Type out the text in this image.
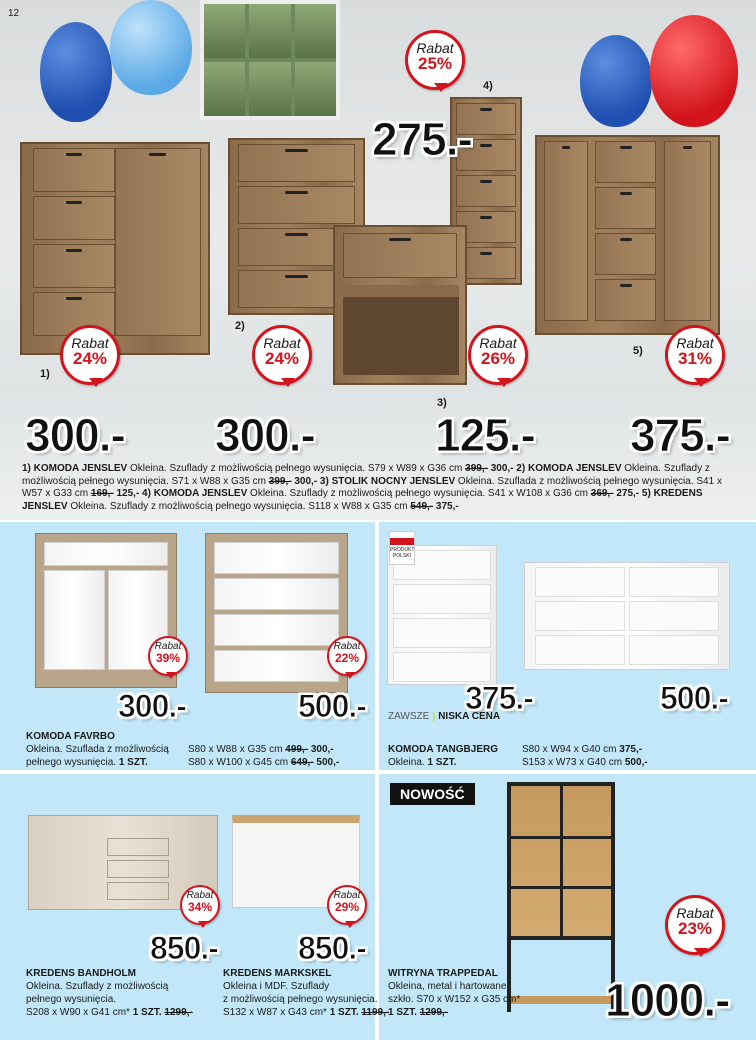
12
Rabat
25%
275.-
4)
1)
2)
3)
5)
Rabat
24%
Rabat
24%
Rabat
26%
Rabat
31%
300.- 300.-	125.- 375.-
1) KOMODA JENSLEV Okleina. Szuflady z możliwością pełnego wysunięcia. S79 x W89 x G36 cm 399,- 300,- 2) KOMODA JENSLEV Okleina. Szuflady z możliwością pełnego wysunięcia. S71 x W88 x G35 cm 399,- 300,- 3) STOLIK NOCNY JENSLEV Okleina. Szuflada z możliwością pełnego wysunięcia. S41 x W57 x G33 cm 169,- 125,- 4) KOMODA JENSLEV Okleina. Szuflady z możliwością pełnego wysunięcia. S41 x W108 x G36 cm 369,- 275,- 5) KREDENS JENSLEV Okleina. Szuflady z możliwością pełnego wysunięcia. S118 x W88 x G35 cm 549,- 375,-
Rabat
39%
Rabat
22%
300.-	500.-
KOMODA FAVRBO
Okleina. Szuflada z możliwością
pełnego wysunięcia. 1 SZT.
S80 x W88 x G35 cm 499,- 300,-
S80 x W100 x G45 cm 649,- 500,-
PRODUKT POLSKI
375.-	500.-
ZAWSZE ) NISKA CENA
KOMODA TANGBJERG
Okleina. 1 SZT.
S80 x W94 x G40 cm 375,-
S153 x W73 x G40 cm 500,-
Rabat
34%
850.-
KREDENS BANDHOLM
Okleina. Szuflady z możliwością
pełnego wysunięcia.
S208 x W90 x G41 cm* 1 SZT. 1299,-
Rabat
29%
850.-
KREDENS MARKSKEL
Okleina i MDF. Szuflady
z możliwością pełnego wysunięcia.
S132 x W87 x G43 cm* 1 SZT. 1199,-
NOWOŚĆ
Rabat
23%
1000.-
WITRYNA TRAPPEDAL
Okleina, metal i hartowane
szkło. S70 x W152 x G35 cm*
1 SZT. 1299,-
